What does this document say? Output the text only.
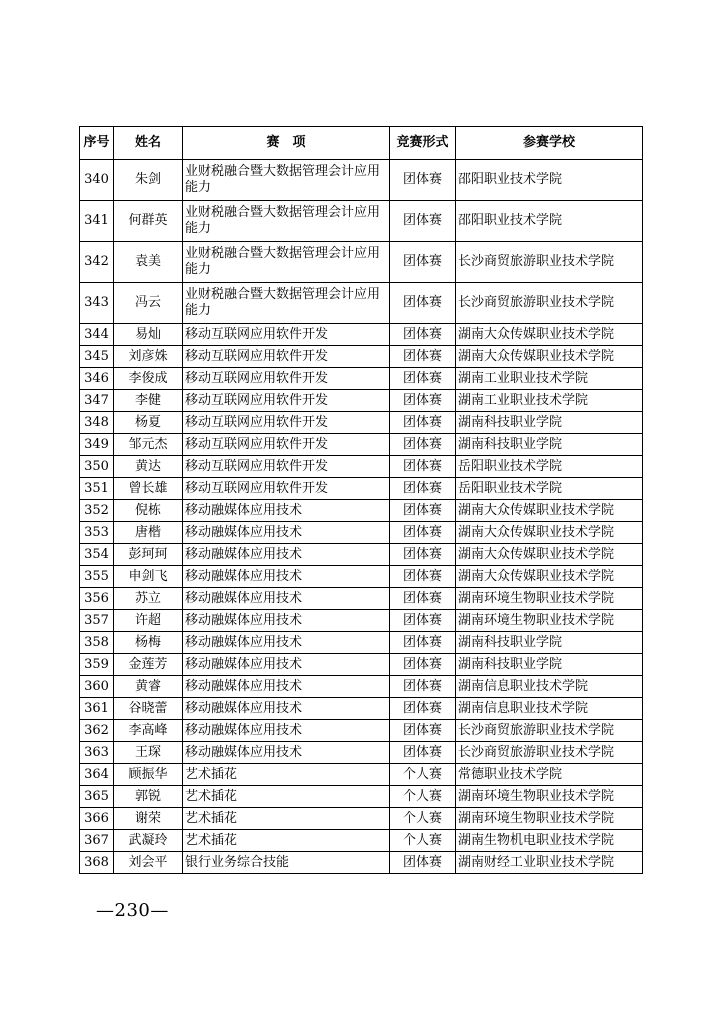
序号	姓名	赛　项	竞赛形式	参赛学校
340	朱剑	业财税融合暨大数据管理会计应用能力	团体赛	邵阳职业技术学院
341	何群英	业财税融合暨大数据管理会计应用能力	团体赛	邵阳职业技术学院
342	袁美	业财税融合暨大数据管理会计应用能力	团体赛	长沙商贸旅游职业技术学院
343	冯云	业财税融合暨大数据管理会计应用能力	团体赛	长沙商贸旅游职业技术学院
344	易灿	移动互联网应用软件开发	团体赛	湖南大众传媒职业技术学院
345	刘彦姝	移动互联网应用软件开发	团体赛	湖南大众传媒职业技术学院
346	李俊成	移动互联网应用软件开发	团体赛	湖南工业职业技术学院
347	李健	移动互联网应用软件开发	团体赛	湖南工业职业技术学院
348	杨夏	移动互联网应用软件开发	团体赛	湖南科技职业学院
349	邹元杰	移动互联网应用软件开发	团体赛	湖南科技职业学院
350	黄达	移动互联网应用软件开发	团体赛	岳阳职业技术学院
351	曾长雄	移动互联网应用软件开发	团体赛	岳阳职业技术学院
352	倪栋	移动融媒体应用技术	团体赛	湖南大众传媒职业技术学院
353	唐楷	移动融媒体应用技术	团体赛	湖南大众传媒职业技术学院
354	彭珂珂	移动融媒体应用技术	团体赛	湖南大众传媒职业技术学院
355	申剑飞	移动融媒体应用技术	团体赛	湖南大众传媒职业技术学院
356	苏立	移动融媒体应用技术	团体赛	湖南环境生物职业技术学院
357	许超	移动融媒体应用技术	团体赛	湖南环境生物职业技术学院
358	杨梅	移动融媒体应用技术	团体赛	湖南科技职业学院
359	金莲芳	移动融媒体应用技术	团体赛	湖南科技职业学院
360	黄睿	移动融媒体应用技术	团体赛	湖南信息职业技术学院
361	谷晓蕾	移动融媒体应用技术	团体赛	湖南信息职业技术学院
362	李高峰	移动融媒体应用技术	团体赛	长沙商贸旅游职业技术学院
363	王琛	移动融媒体应用技术	团体赛	长沙商贸旅游职业技术学院
364	顾振华	艺术插花	个人赛	常德职业技术学院
365	郭锐	艺术插花	个人赛	湖南环境生物职业技术学院
366	谢荣	艺术插花	个人赛	湖南环境生物职业技术学院
367	武凝玲	艺术插花	个人赛	湖南生物机电职业技术学院
368	刘会平	银行业务综合技能	团体赛	湖南财经工业职业技术学院
—230—
